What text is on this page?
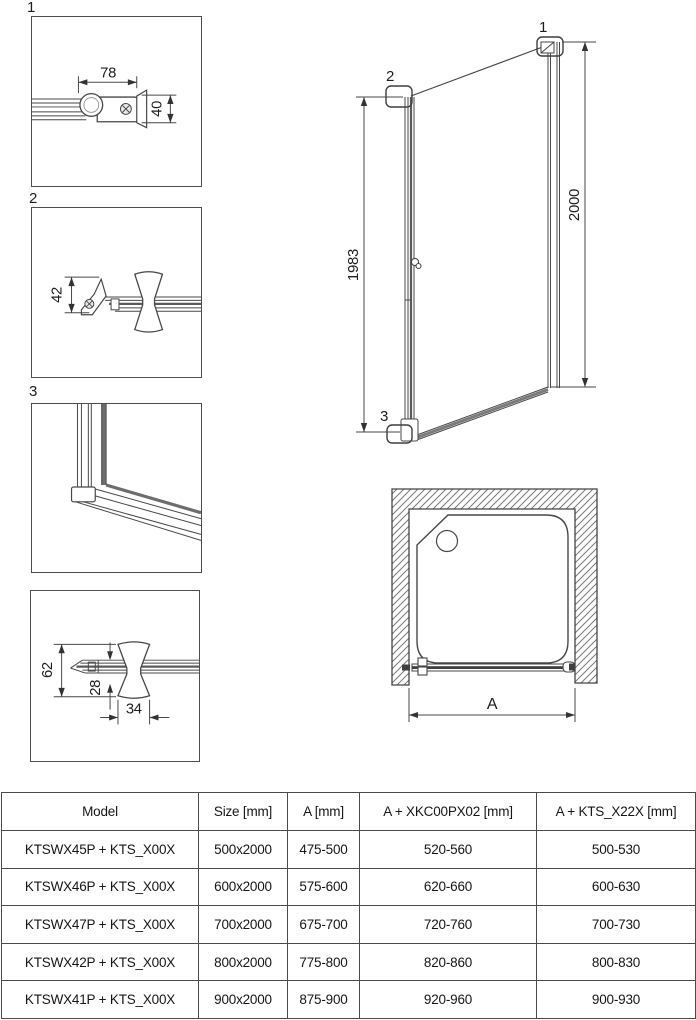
1
2
3
78
40
42
62
28
34
1
2
3
1983
2000
A
Model	Size [mm]	A [mm]	A + XKC00PX02 [mm]	A + KTS_X22X [mm]
KTSWX45P + KTS_X00X	500x2000	475-500	520-560	500-530
KTSWX46P + KTS_X00X	600x2000	575-600	620-660	600-630
KTSWX47P + KTS_X00X	700x2000	675-700	720-760	700-730
KTSWX42P + KTS_X00X	800x2000	775-800	820-860	800-830
KTSWX41P + KTS_X00X	900x2000	875-900	920-960	900-930
